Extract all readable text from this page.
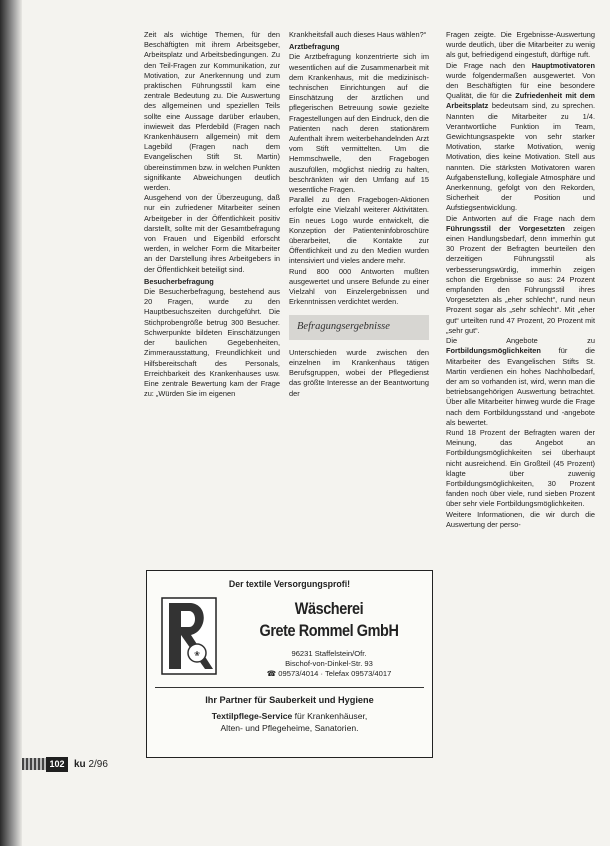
Zeit als wichtige Themen, für den Beschäftigten mit ihrem Arbeitsgeber, Arbeitsplatz und Arbeitsbedingungen. Zu den Teil-Fragen zur Kommunikation, zur Motivation, zur Anerkennung und zum praktischen Führungsstil kam eine zentrale Bedeutung zu. Die Auswertung des allgemeinen und speziellen Teils sollte eine Aussage darüber erlauben, inwieweit das Pferdebild (Fragen nach Krankenhäusern allgemein) mit dem Lagebild (Fragen nach dem Evangelischen Stift St. Martin) übereinstimmen bzw. in welchen Punkten signifikante Abweichungen deutlich werden.

Ausgehend von der Überzeugung, daß nur ein zufriedener Mitarbeiter seinen Arbeitgeber in der Öffentlichkeit positiv darstellt, sollte mit der Gesamtbefragung von Frauen und Eigenbild erforscht werden, in welcher Form die Mitarbeiter an der Darstellung ihres Arbeitgebers in der Öffentlichkeit beteiligt sind.

Besucherbefragung

Die Besucherbefragung, bestehend aus 20 Fragen, wurde zu den Hauptbesuchszeiten durchgeführt. Die Stichprobengröße betrug 300 Besucher. Schwerpunkte bildeten Einschätzungen der baulichen Gegebenheiten, Zimmerausstattung, Freundlichkeit und Hilfsbereitschaft des Personals, Erreichbarkeit des Krankenhauses usw. Eine zentrale Bewertung kam der Frage zu: „Würden Sie im eigenen

Krankheitsfall auch dieses Haus wählen?“

Arztbefragung

Die Arztbefragung konzentrierte sich im wesentlichen auf die Zusammenarbeit mit dem Krankenhaus, mit die medizinisch-technischen Einrichtungen auf die Einschätzung der ärztlichen und pflegerischen Betreuung sowie gezielte Fragestellungen auf den Eindruck, den die Patienten nach deren stationärem Aufenthalt ihrem weiterbehandelnden Arzt vom Stift vermittelten. Um die Hemmschwelle, den Fragebogen auszufüllen, möglichst niedrig zu halten, beschränkten wir den Umfang auf 15 wesentliche Fragen.

Parallel zu den Fragebogen-Aktionen erfolgte eine Vielzahl weiterer Aktivitäten. Ein neues Logo wurde entwickelt, die Konzeption der Patienteninfobroschüre überarbeitet, die Kontakte zur Öffentlichkeit und zu den Medien wurden intensiviert und vieles andere mehr.

Rund 800 000 Antworten mußten ausgewertet und unsere Befunde zu einer Vielzahl von Einzelergebnissen und Erkenntnissen verdichtet werden.

Befragungsergebnisse

Unterschieden wurde zwischen den einzelnen im Krankenhaus tätigen Berufsgruppen, wobei der Pflegedienst das größte Interesse an der Beantwortung der

Fragen zeigte. Die Ergebnisse-Auswertung wurde deutlich, über die Mitarbeiter zu wenig als gut, befriedigend eingestuft, dürftige ruft.

Die Frage nach den Hauptmotivatoren wurde folgendermaßen ausgewertet. Von den Beschäftigten für eine besondere Qualität, die für die Zufriedenheit mit dem Arbeitsplatz bedeutsam sind, zu sprechen. Nannten die Mitarbeiter zu 1/4. Verantwortliche Funktion im Team, Gewichtungsaspekte von sehr starker Motivation, starke Motivation, wenig Motivation, dies keine Motivation. Stell aus nannten. Die stärksten Motivatoren waren Aufgabenstellung, kollegiale Atmosphäre und Anerkennung, gefolgt von den Rekorden, Sicherheit der Position und Aufstiegsentwicklung.

Die Antworten auf die Frage nach dem Führungsstil der Vorgesetzten zeigen einen Handlungsbedarf, denn immerhin gut 30 Prozent der Befragten beurteilen den derzeitigen Führungsstil als verbesserungswürdig, immerhin zeigen schon die Ergebnisse so aus: 24 Prozent empfanden den Führungsstil ihres Vorgesetzten als „eher schlecht“, rund neun Prozent sogar als „sehr schlecht“. Mit „eher gut“ urteilten rund 47 Prozent, 20 Prozent mit „sehr gut“.

Die Angebote zu Fortbildungsmöglichkeiten für die Mitarbeiter des Evangelischen Stifts St. Martin verdienen ein hohes Nachholbedarf, der am so vorhanden ist, wird, wenn man die betriebsangehörigen Auswertung betrachtet. Über alle Mitarbeiter hinweg wurde die Frage nach dem Fortbildungsstand und -angebote als bewertet.

Rund 18 Prozent der Befragten waren der Meinung, das Angebot an Fortbildungsmöglichkeiten sei überhaupt nicht ausreichend. Ein Großteil (45 Prozent) klagte über zuwenig Fortbildungsmöglichkeiten, 30 Prozent fanden noch über viele, rund sieben Prozent über sehr viele Fortbildungsmöglichkeiten.

Weitere Informationen, die wir durch die Auswertung der perso-

Der textile Versorgungsprofi!
❀
Wäscherei
Grete Rommel GmbH
96231 Staffelstein/Ofr.
Bischof-von-Dinkel-Str. 93
☎ 09573/4014 · Telefax 09573/4017
Ihr Partner für Sauberkeit und Hygiene
Textilpflege-Service für Krankenhäuser,
Alten- und Pflegeheime, Sanatorien.
102 ku 2/96
